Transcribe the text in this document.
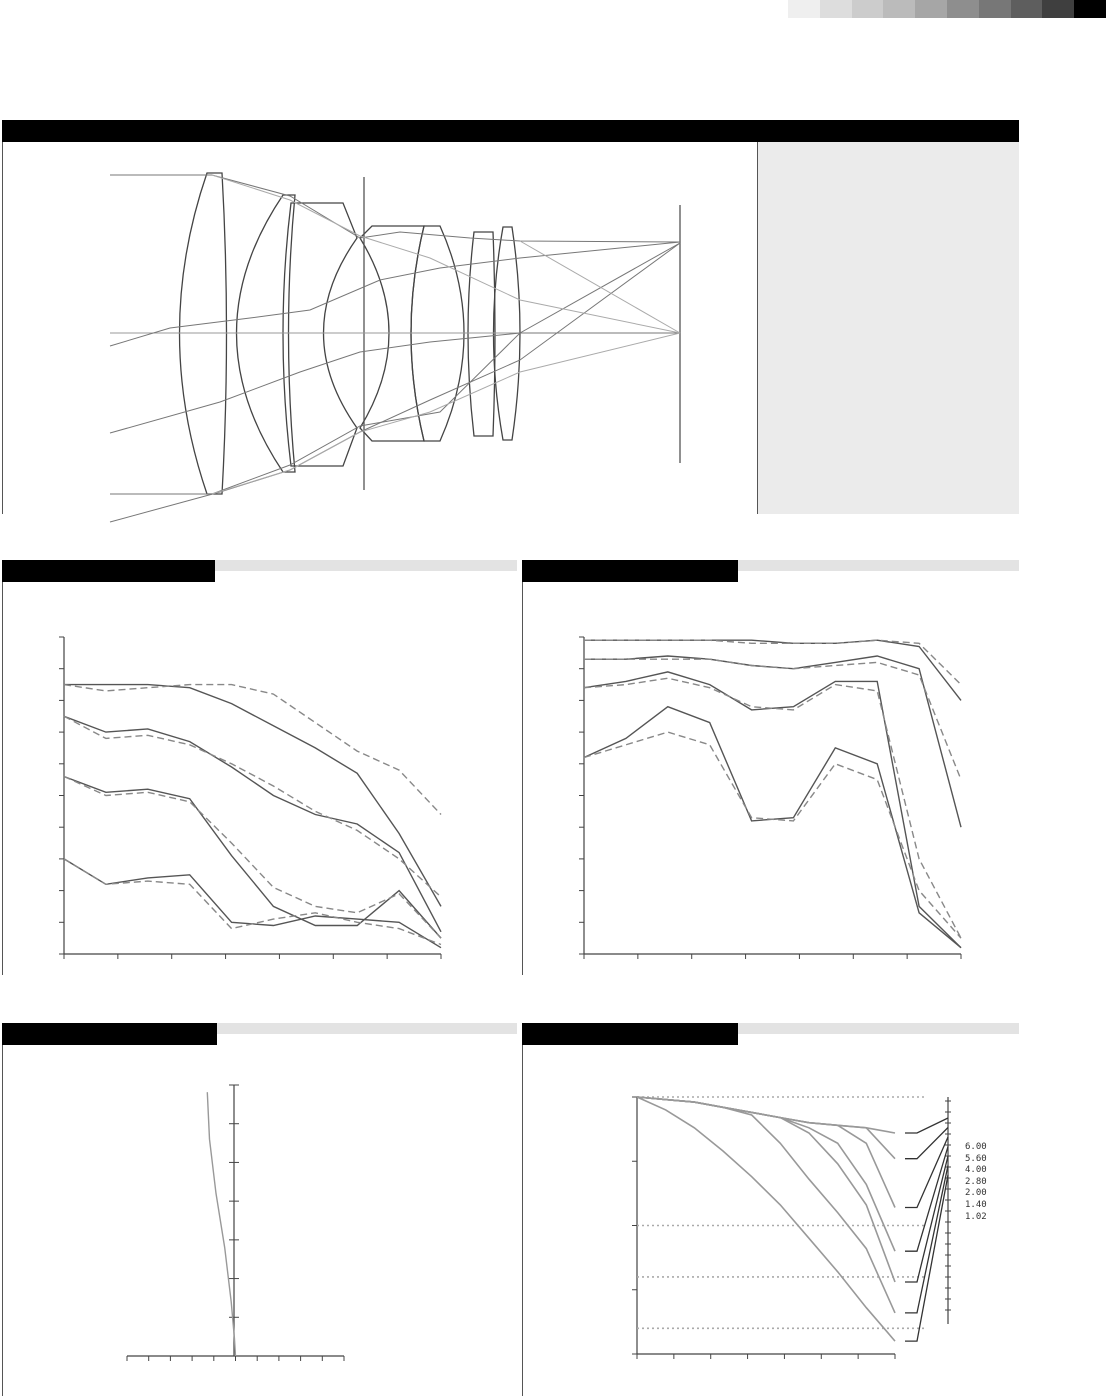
6.00
5.60
4.00
2.80
2.00
1.40
1.02
